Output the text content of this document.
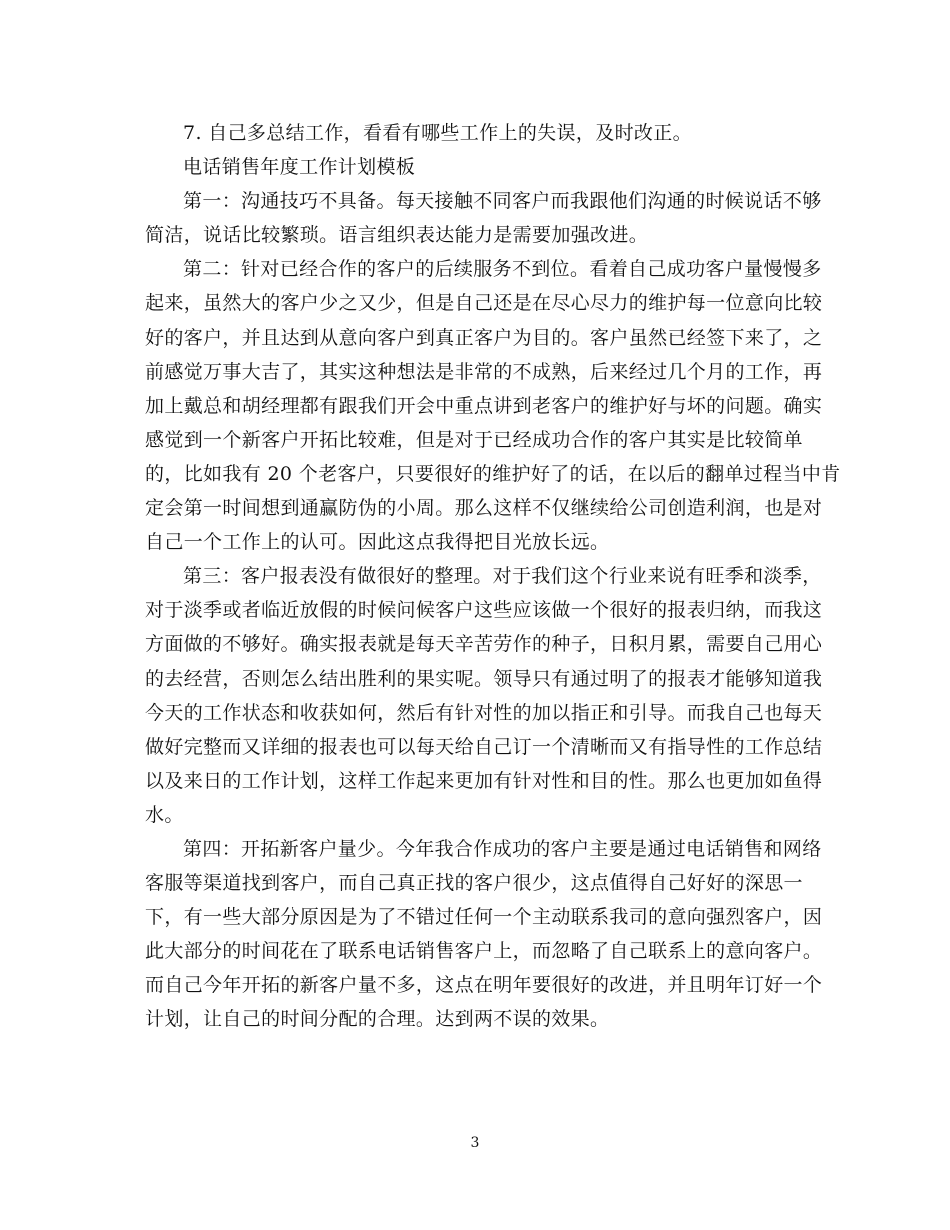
7. 自己多总结工作，看看有哪些工作上的失误，及时改正。
电话销售年度工作计划模板
第一：沟通技巧不具备。每天接触不同客户而我跟他们沟通的时候说话不够
简洁，说话比较繁琐。语言组织表达能力是需要加强改进。
第二：针对已经合作的客户的后续服务不到位。看着自己成功客户量慢慢多
起来，虽然大的客户少之又少，但是自己还是在尽心尽力的维护每一位意向比较
好的客户，并且达到从意向客户到真正客户为目的。客户虽然已经签下来了，之
前感觉万事大吉了，其实这种想法是非常的不成熟，后来经过几个月的工作，再
加上戴总和胡经理都有跟我们开会中重点讲到老客户的维护好与坏的问题。确实
感觉到一个新客户开拓比较难，但是对于已经成功合作的客户其实是比较简单
的，比如我有 20 个老客户，只要很好的维护好了的话，在以后的翻单过程当中肯
定会第一时间想到通赢防伪的小周。那么这样不仅继续给公司创造利润，也是对
自己一个工作上的认可。因此这点我得把目光放长远。
第三：客户报表没有做很好的整理。对于我们这个行业来说有旺季和淡季，
对于淡季或者临近放假的时候问候客户这些应该做一个很好的报表归纳，而我这
方面做的不够好。确实报表就是每天辛苦劳作的种子，日积月累，需要自己用心
的去经营，否则怎么结出胜利的果实呢。领导只有通过明了的报表才能够知道我
今天的工作状态和收获如何，然后有针对性的加以指正和引导。而我自己也每天
做好完整而又详细的报表也可以每天给自己订一个清晰而又有指导性的工作总结
以及来日的工作计划，这样工作起来更加有针对性和目的性。那么也更加如鱼得
水。
第四：开拓新客户量少。今年我合作成功的客户主要是通过电话销售和网络
客服等渠道找到客户，而自己真正找的客户很少，这点值得自己好好的深思一
下，有一些大部分原因是为了不错过任何一个主动联系我司的意向强烈客户，因
此大部分的时间花在了联系电话销售客户上，而忽略了自己联系上的意向客户。
而自己今年开拓的新客户量不多，这点在明年要很好的改进，并且明年订好一个
计划，让自己的时间分配的合理。达到两不误的效果。
3
